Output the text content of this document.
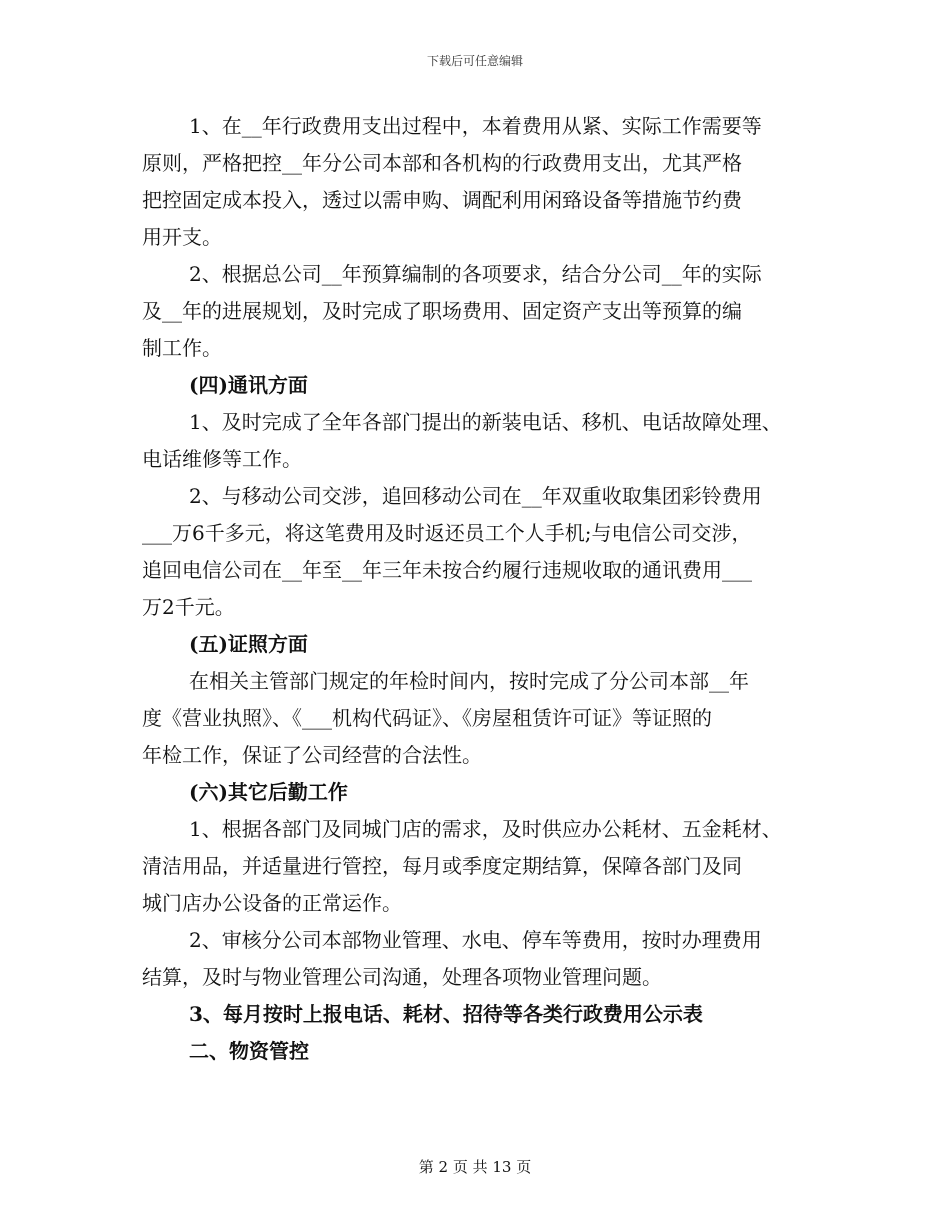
下载后可任意编辑
1、在__年行政费用支出过程中，本着费用从紧、实际工作需要等
原则，严格把控__年分公司本部和各机构的行政费用支出，尤其严格
把控固定成本投入，透过以需申购、调配利用闲臵设备等措施节约费
用开支。
2、根据总公司__年预算编制的各项要求，结合分公司__年的实际
及__年的进展规划，及时完成了职场费用、固定资产支出等预算的编
制工作。
(四)通讯方面
1、及时完成了全年各部门提出的新装电话、移机、电话故障处理、
电话维修等工作。
2、与移动公司交涉，追回移动公司在__年双重收取集团彩铃费用
___万6千多元，将这笔费用及时返还员工个人手机;与电信公司交涉，
追回电信公司在__年至__年三年未按合约履行违规收取的通讯费用___
万2千元。
(五)证照方面
在相关主管部门规定的年检时间内，按时完成了分公司本部__年
度《营业执照》、《___机构代码证》、《房屋租赁许可证》等证照的
年检工作，保证了公司经营的合法性。
(六)其它后勤工作
1、根据各部门及同城门店的需求，及时供应办公耗材、五金耗材、
清洁用品，并适量进行管控，每月或季度定期结算，保障各部门及同
城门店办公设备的正常运作。
2、审核分公司本部物业管理、水电、停车等费用，按时办理费用
结算，及时与物业管理公司沟通，处理各项物业管理问题。
3、每月按时上报电话、耗材、招待等各类行政费用公示表
二、物资管控
第 2 页 共 13 页
